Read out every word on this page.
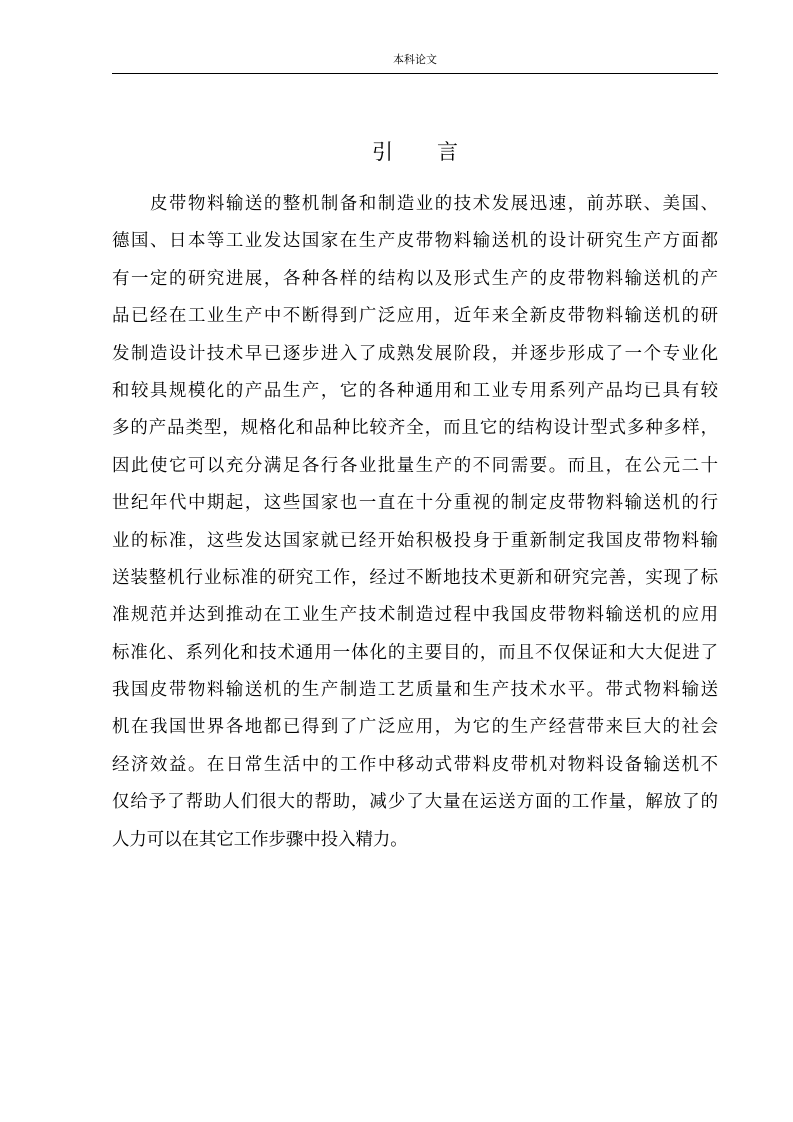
本科论文
引言
皮带物料输送的整机制备和制造业的技术发展迅速，前苏联、美国、
德国、日本等工业发达国家在生产皮带物料输送机的设计研究生产方面都
有一定的研究进展，各种各样的结构以及形式生产的皮带物料输送机的产
品已经在工业生产中不断得到广泛应用，近年来全新皮带物料输送机的研
发制造设计技术早已逐步进入了成熟发展阶段，并逐步形成了一个专业化
和较具规模化的产品生产，它的各种通用和工业专用系列产品均已具有较
多的产品类型，规格化和品种比较齐全，而且它的结构设计型式多种多样，
因此使它可以充分满足各行各业批量生产的不同需要。而且，在公元二十
世纪年代中期起，这些国家也一直在十分重视的制定皮带物料输送机的行
业的标准，这些发达国家就已经开始积极投身于重新制定我国皮带物料输
送装整机行业标准的研究工作，经过不断地技术更新和研究完善，实现了标
准规范并达到推动在工业生产技术制造过程中我国皮带物料输送机的应用
标准化、系列化和技术通用一体化的主要目的，而且不仅保证和大大促进了
我国皮带物料输送机的生产制造工艺质量和生产技术水平。带式物料输送
机在我国世界各地都已得到了广泛应用，为它的生产经营带来巨大的社会
经济效益。在日常生活中的工作中移动式带料皮带机对物料设备输送机不
仅给予了帮助人们很大的帮助，减少了大量在运送方面的工作量，解放了的
人力可以在其它工作步骤中投入精力。
